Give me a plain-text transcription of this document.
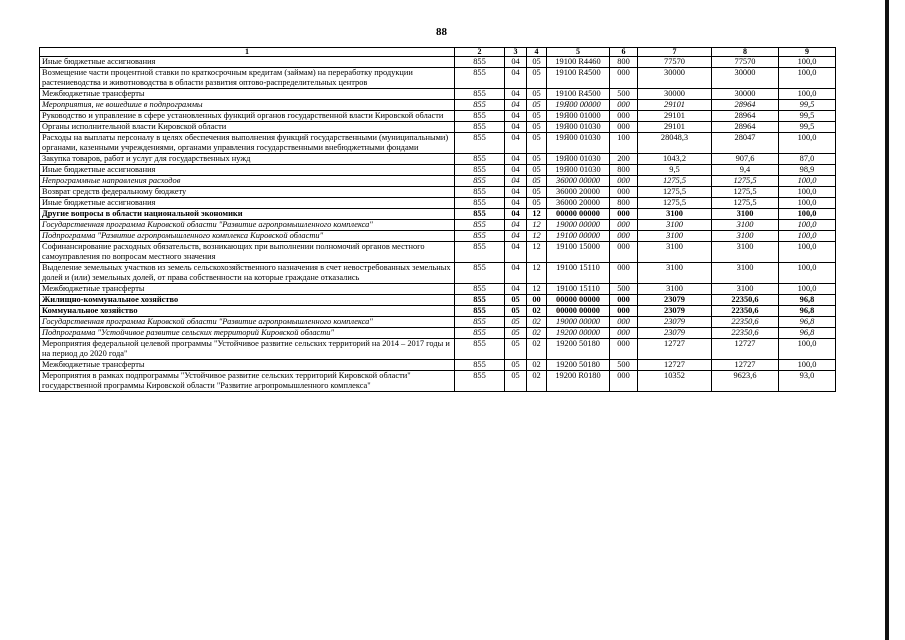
88
1	2	3	4	5	6	7	8	9
Иные бюджетные ассигнования	855	04	05	19100 R4460	800	77570	77570	100,0
Возмещение части процентной ставки по краткосрочным кредитам (займам) на переработку продукции растениеводства и животноводства в области развития оптово-распределительных центров	855	04	05	19100 R4500	000	30000	30000	100,0
Межбюджетные трансферты	855	04	05	19100 R4500	500	30000	30000	100,0
Мероприятия, не вошедшие в подпрограммы	855	04	05	19Я00 00000	000	29101	28964	99,5
Руководство и управление в сфере установленных функций органов государственной власти Кировской области	855	04	05	19Я00 01000	000	29101	28964	99,5
Органы исполнительной власти Кировской области	855	04	05	19Я00 01030	000	29101	28964	99,5
Расходы на выплаты персоналу в целях обеспечения выполнения функций государственными (муниципальными) органами, казенными учреждениями, органами управления государственными внебюджетными фондами	855	04	05	19Я00 01030	100	28048,3	28047	100,0
Закупка товаров, работ и услуг для государственных нужд	855	04	05	19Я00 01030	200	1043,2	907,6	87,0
Иные бюджетные ассигнования	855	04	05	19Я00 01030	800	9,5	9,4	98,9
Непрограммные направления расходов	855	04	05	36000 00000	000	1275,5	1275,5	100,0
Возврат средств федеральному бюджету	855	04	05	36000 20000	000	1275,5	1275,5	100,0
Иные бюджетные ассигнования	855	04	05	36000 20000	800	1275,5	1275,5	100,0
Другие вопросы в области национальной экономики	855	04	12	00000 00000	000	3100	3100	100,0
Государственная программа Кировской области "Развитие агропромышленного комплекса"	855	04	12	19000 00000	000	3100	3100	100,0
Подпрограмма "Развитие агропромышленного комплекса Кировской области"	855	04	12	19100 00000	000	3100	3100	100,0
Софинансирование расходных обязательств, возникающих при выполнении полномочий органов местного самоуправления по вопросам местного значения	855	04	12	19100 15000	000	3100	3100	100,0
Выделение земельных участков из земель сельскохозяйственного назначения в счет невостребованных земельных долей и (или) земельных долей, от права собственности на которые граждане отказались	855	04	12	19100 15110	000	3100	3100	100,0
Межбюджетные трансферты	855	04	12	19100 15110	500	3100	3100	100,0
Жилищно-коммунальное хозяйство	855	05	00	00000 00000	000	23079	22350,6	96,8
Коммунальное хозяйство	855	05	02	00000 00000	000	23079	22350,6	96,8
Государственная программа Кировской области "Развитие агропромышленного комплекса"	855	05	02	19000 00000	000	23079	22350,6	96,8
Подпрограмма "Устойчивое развитие сельских территорий Кировской области"	855	05	02	19200 00000	000	23079	22350,6	96,8
Мероприятия федеральной целевой программы "Устойчивое развитие сельских территорий на 2014 – 2017 годы и на период до 2020 года"	855	05	02	19200 50180	000	12727	12727	100,0
Межбюджетные трансферты	855	05	02	19200 50180	500	12727	12727	100,0
Мероприятия в рамках подпрограммы "Устойчивое развитие сельских территорий Кировской области" государственной программы Кировской области "Развитие агропромышленного комплекса"	855	05	02	19200 R0180	000	10352	9623,6	93,0
